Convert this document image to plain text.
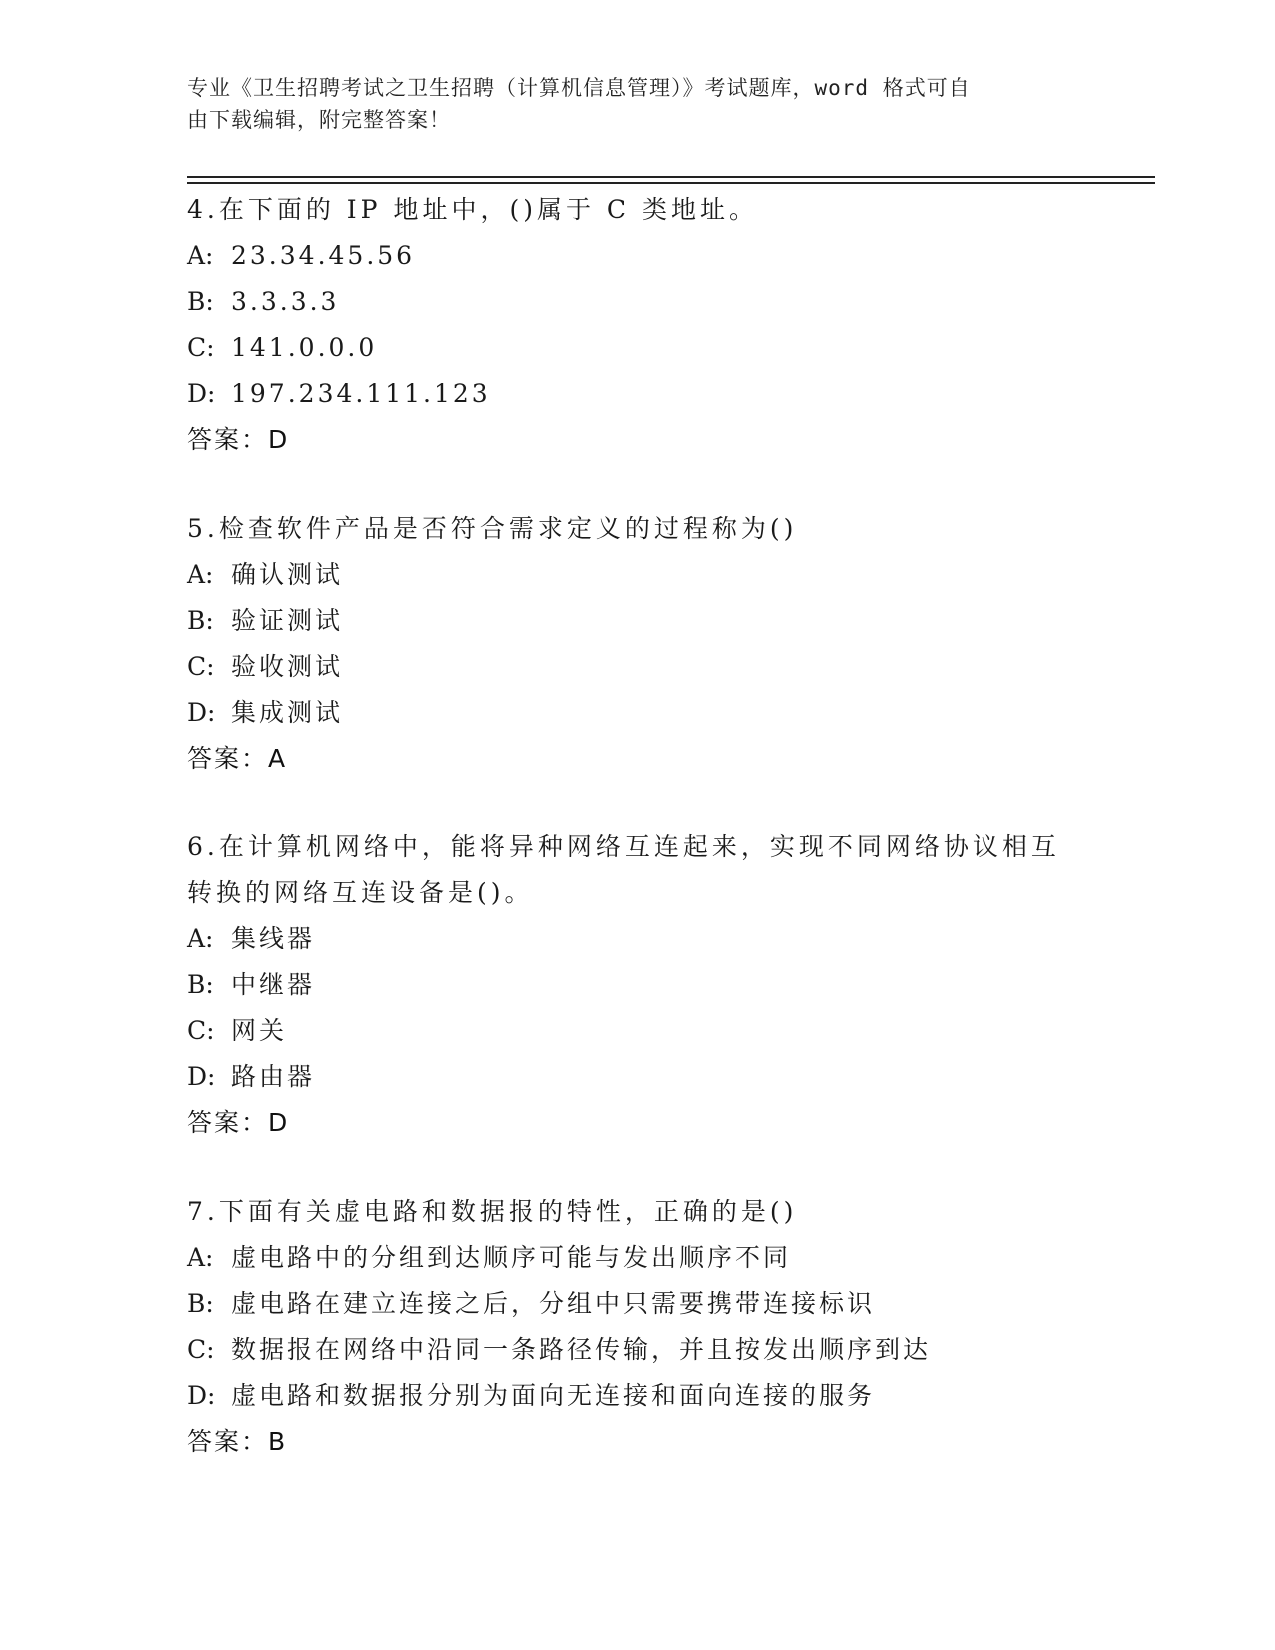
专业《卫生招聘考试之卫生招聘（计算机信息管理）》考试题库，word 格式可自
由下载编辑，附完整答案！
4.在下面的 IP 地址中，()属于 C 类地址。
A: 23.34.45.56
B: 3.3.3.3
C: 141.0.0.0
D: 197.234.111.123
答案：D
5.检查软件产品是否符合需求定义的过程称为()
A: 确认测试
B: 验证测试
C: 验收测试
D: 集成测试
答案：A
6.在计算机网络中，能将异种网络互连起来，实现不同网络协议相互
转换的网络互连设备是()。
A: 集线器
B: 中继器
C: 网关
D: 路由器
答案：D
7.下面有关虚电路和数据报的特性，正确的是()
A: 虚电路中的分组到达顺序可能与发出顺序不同
B: 虚电路在建立连接之后，分组中只需要携带连接标识
C: 数据报在网络中沿同一条路径传输，并且按发出顺序到达
D: 虚电路和数据报分别为面向无连接和面向连接的服务
答案：B
